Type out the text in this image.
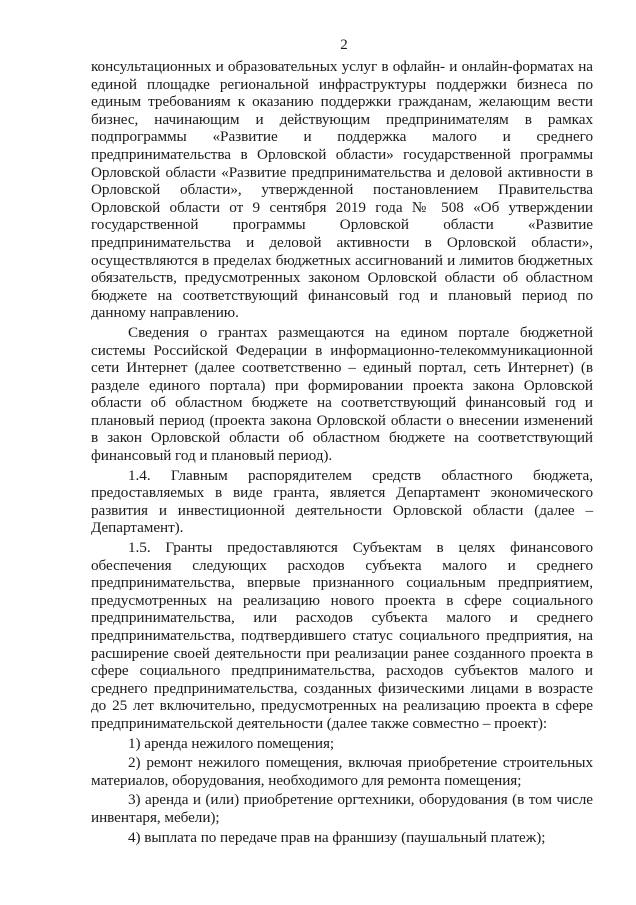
2

консультационных и образовательных услуг в офлайн- и онлайн-форматах на единой площадке региональной инфраструктуры поддержки бизнеса по единым требованиям к оказанию поддержки гражданам, желающим вести бизнес, начинающим и действующим предпринимателям в рамках подпрограммы «Развитие и поддержка малого и среднего предпринимательства в Орловской области» государственной программы Орловской области «Развитие предпринимательства и деловой активности в Орловской области», утвержденной постановлением Правительства Орловской области от 9 сентября 2019 года № 508 «Об утверждении государственной программы Орловской области «Развитие предпринимательства и деловой активности в Орловской области», осуществляются в пределах бюджетных ассигнований и лимитов бюджетных обязательств, предусмотренных законом Орловской области об областном бюджете на соответствующий финансовый год и плановый период по данному направлению.

Сведения о грантах размещаются на едином портале бюджетной системы Российской Федерации в информационно-телекоммуникационной сети Интернет (далее соответственно – единый портал, сеть Интернет) (в разделе единого портала) при формировании проекта закона Орловской области об областном бюджете на соответствующий финансовый год и плановый период (проекта закона Орловской области о внесении изменений в закон Орловской области об областном бюджете на соответствующий финансовый год и плановый период).

1.4. Главным распорядителем средств областного бюджета, предоставляемых в виде гранта, является Департамент экономического развития и инвестиционной деятельности Орловской области (далее – Департамент).

1.5. Гранты предоставляются Субъектам в целях финансового обеспечения следующих расходов субъекта малого и среднего предпринимательства, впервые признанного социальным предприятием, предусмотренных на реализацию нового проекта в сфере социального предпринимательства, или расходов субъекта малого и среднего предпринимательства, подтвердившего статус социального предприятия, на расширение своей деятельности при реализации ранее созданного проекта в сфере социального предпринимательства, расходов субъектов малого и среднего предпринимательства, созданных физическими лицами в возрасте до 25 лет включительно, предусмотренных на реализацию проекта в сфере предпринимательской деятельности (далее также совместно – проект):

1) аренда нежилого помещения;

2) ремонт нежилого помещения, включая приобретение строительных материалов, оборудования, необходимого для ремонта помещения;

3) аренда и (или) приобретение оргтехники, оборудования (в том числе инвентаря, мебели);

4) выплата по передаче прав на франшизу (паушальный платеж);
